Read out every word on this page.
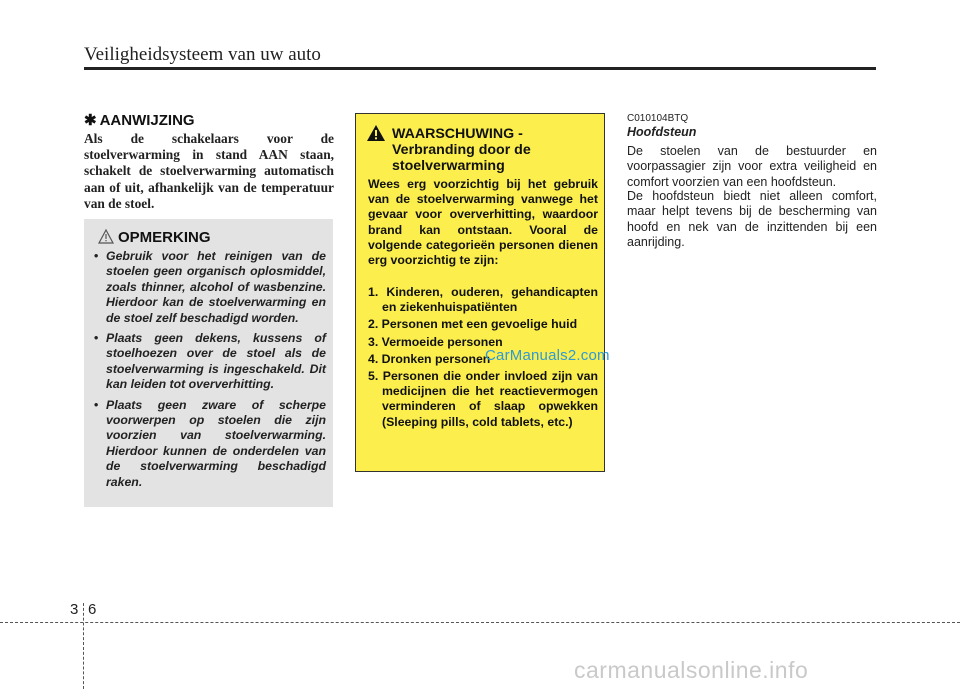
Veiligheidsysteem van uw auto
✱ AANWIJZING
Als de schakelaars voor de stoelverwarming in stand AAN staan, schakelt de stoelverwarming automatisch aan of uit, afhankelijk van de temperatuur van de stoel.
OPMERKING
• Gebruik voor het reinigen van de stoelen geen organisch oplosmiddel, zoals thinner, alcohol of wasbenzine. Hierdoor kan de stoelverwarming en de stoel zelf beschadigd worden.
• Plaats geen dekens, kussens of stoelhoezen over de stoel als de stoelverwarming is ingeschakeld. Dit kan leiden tot oververhitting.
• Plaats geen zware of scherpe voorwerpen op stoelen die zijn voorzien van stoelverwarming. Hierdoor kunnen de onderdelen van de stoelverwarming beschadigd raken.
WAARSCHUWING - Verbranding door de stoelverwarming
Wees erg voorzichtig bij het gebruik van de stoelverwarming vanwege het gevaar voor oververhitting, waardoor brand kan ontstaan. Vooral de volgende categorieën personen dienen erg voorzichtig te zijn:
1. Kinderen, ouderen, gehandicapten en ziekenhuispatiënten
2. Personen met een gevoelige huid
3. Vermoeide personen
4. Dronken personen
5. Personen die onder invloed zijn van medicijnen die het reactievermogen verminderen of slaap opwekken (Sleeping pills, cold tablets, etc.)
CarManuals2.com
C010104BTQ
Hoofdsteun
De stoelen van de bestuurder en voorpassagier zijn voor extra veiligheid en comfort voorzien van een hoofdsteun.
De hoofdsteun biedt niet alleen comfort, maar helpt tevens bij de bescherming van hoofd en nek van de inzittenden bij een aanrijding.
3 6
carmanualsonline.info
